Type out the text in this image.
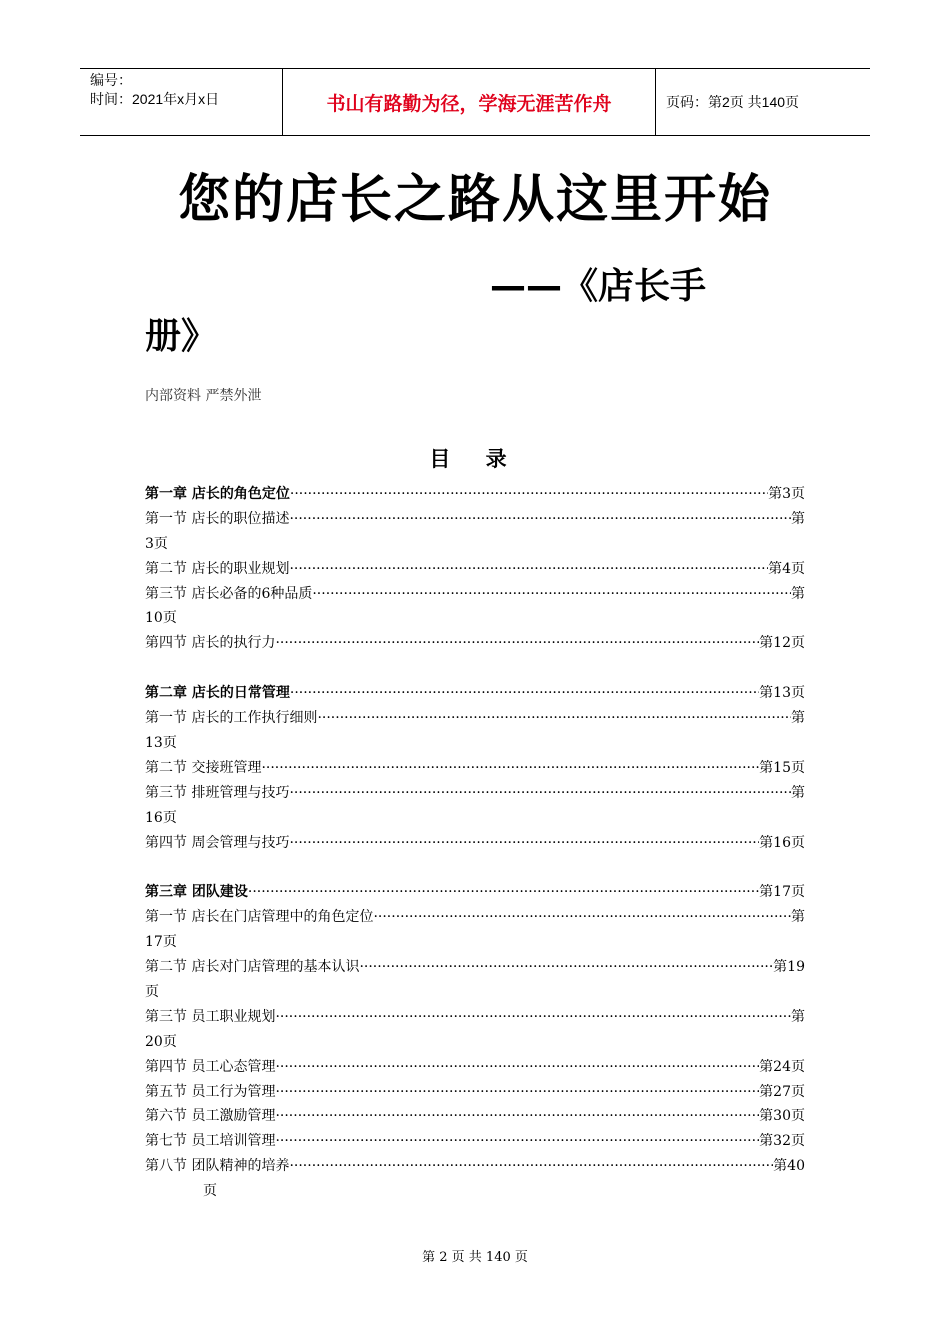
编号：
时间：2021年x月x日	书山有路勤为径，学海无涯苦作舟	页码：第2页 共140页
您的店长之路从这里开始
——《店长手
册》
内部资料 严禁外泄
目 录
第一章 店长的角色定位 ·····	第3页
第一节 店长的职位描述 ·····	第
3页
第二节 店长的职业规划 ·····	第4页
第三节 店长必备的6种品质 ·····	第
10页
第四节 店长的执行力 ·····	第12页
第二章 店长的日常管理 ·····	第13页
第一节 店长的工作执行细则 ·····	第
13页
第二节 交接班管理 ·····	第15页
第三节 排班管理与技巧 ·····	第
16页
第四节 周会管理与技巧 ·····	第16页
第三章 团队建设 ·····	第17页
第一节 店长在门店管理中的角色定位 ·····	第
17页
第二节 店长对门店管理的基本认识 ·····	第19
页
第三节 员工职业规划 ·····	第
20页
第四节 员工心态管理 ·····	第24页
第五节 员工行为管理 ·····	第27页
第六节 员工激励管理 ·····	第30页
第七节 员工培训管理 ·····	第32页
第八节 团队精神的培养 ·····	第40
页
第 2 页 共 140 页
